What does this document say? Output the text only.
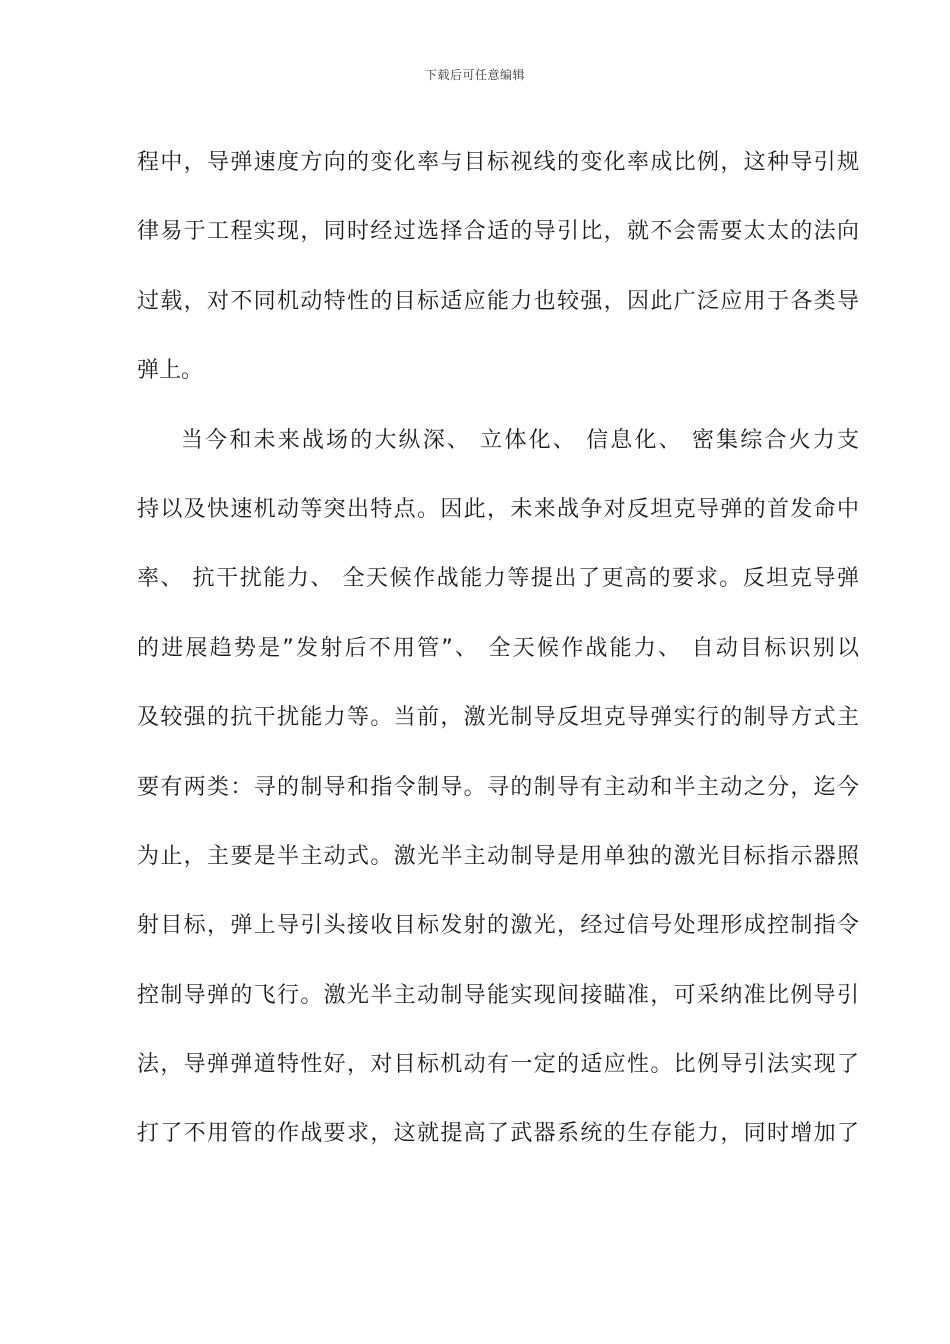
下载后可任意编辑
程中，导弹速度方向的变化率与目标视线的变化率成比例，这种导引规
律易于工程实现，同时经过选择合适的导引比，就不会需要太太的法向
过载，对不同机动特性的目标适应能力也较强，因此广泛应用于各类导
弹上。
当今和未来战场的大纵深、 立体化、 信息化、 密集综合火力支
持以及快速机动等突出特点。因此，未来战争对反坦克导弹的首发命中
率、 抗干扰能力、 全天候作战能力等提出了更高的要求。反坦克导弹
的进展趋势是”发射后不用管”、 全天候作战能力、 自动目标识别以
及较强的抗干扰能力等。当前，激光制导反坦克导弹实行的制导方式主
要有两类：寻的制导和指令制导。寻的制导有主动和半主动之分，迄今
为止，主要是半主动式。激光半主动制导是用单独的激光目标指示器照
射目标，弹上导引头接收目标发射的激光，经过信号处理形成控制指令
控制导弹的飞行。激光半主动制导能实现间接瞄准，可采纳准比例导引
法，导弹弹道特性好，对目标机动有一定的适应性。比例导引法实现了
打了不用管的作战要求，这就提高了武器系统的生存能力，同时增加了
